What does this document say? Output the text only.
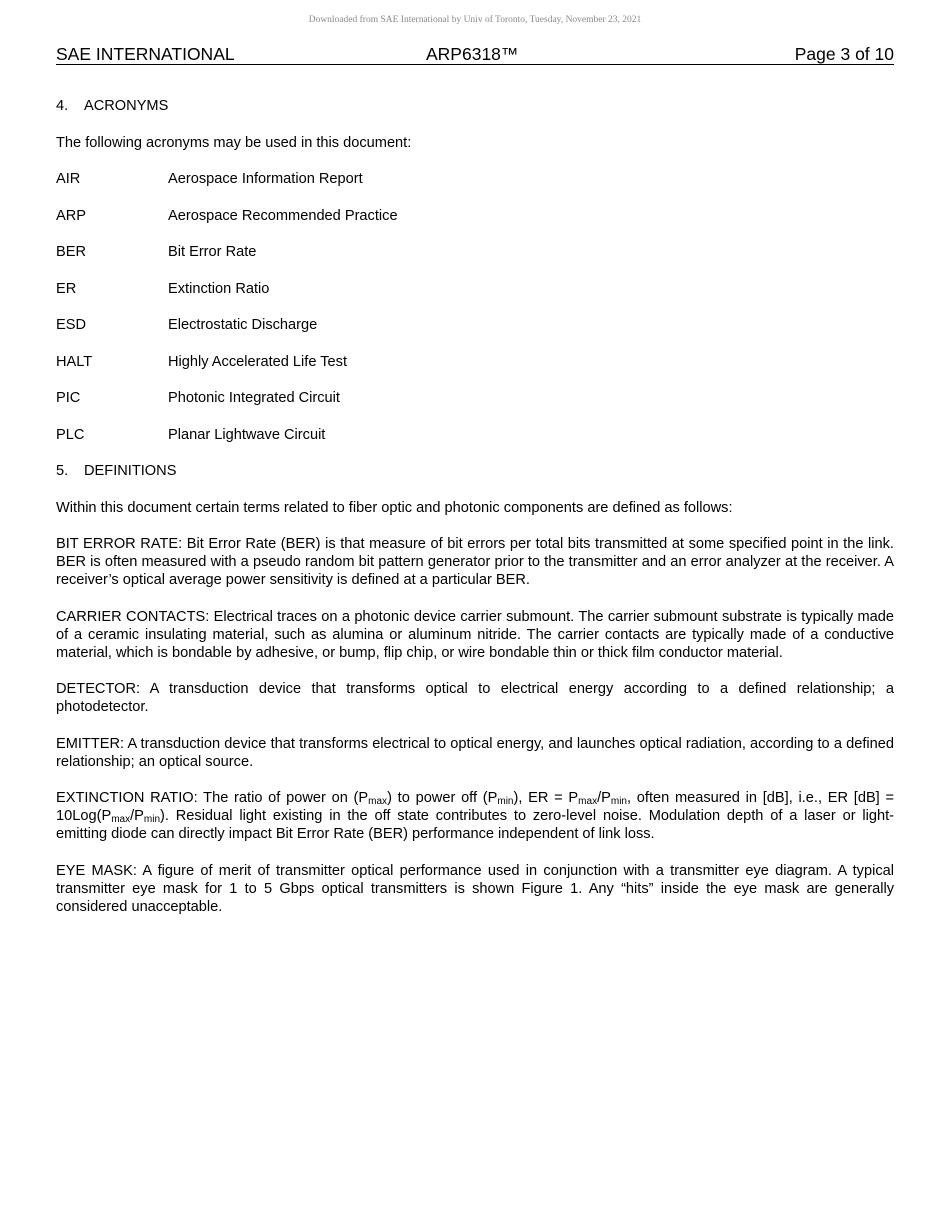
Downloaded from SAE International by Univ of Toronto, Tuesday, November 23, 2021
SAE INTERNATIONAL	ARP6318™	Page 3 of 10
4. ACRONYMS

The following acronyms may be used in this document:

AIR	Aerospace Information Report
ARP	Aerospace Recommended Practice
BER	Bit Error Rate
ER	Extinction Ratio
ESD	Electrostatic Discharge
HALT	Highly Accelerated Life Test
PIC	Photonic Integrated Circuit
PLC	Planar Lightwave Circuit
5. DEFINITIONS

Within this document certain terms related to fiber optic and photonic components are defined as follows:

BIT ERROR RATE: Bit Error Rate (BER) is that measure of bit errors per total bits transmitted at some specified point in the link. BER is often measured with a pseudo random bit pattern generator prior to the transmitter and an error analyzer at the receiver. A receiver’s optical average power sensitivity is defined at a particular BER.

CARRIER CONTACTS: Electrical traces on a photonic device carrier submount. The carrier submount substrate is typically made of a ceramic insulating material, such as alumina or aluminum nitride. The carrier contacts are typically made of a conductive material, which is bondable by adhesive, or bump, flip chip, or wire bondable thin or thick film conductor material.

DETECTOR: A transduction device that transforms optical to electrical energy according to a defined relationship; a photodetector.

EMITTER: A transduction device that transforms electrical to optical energy, and launches optical radiation, according to a defined relationship; an optical source.

EXTINCTION RATIO: The ratio of power on $(P_{max})$ to power off $(P_{min})$, ER = $P_{max}/P_{min}$, often measured in [dB], i.e., ER $[dB] = 10Log(P_{max}/P_{min})$. Residual light existing in the off state contributes to zero-level noise. Modulation depth of a laser or light-emitting diode can directly impact Bit Error Rate (BER) performance independent of link loss.

EYE MASK: A figure of merit of transmitter optical performance used in conjunction with a transmitter eye diagram. A typical transmitter eye mask for 1 to 5 Gbps optical transmitters is shown Figure 1. Any “hits” inside the eye mask are generally considered unacceptable.
